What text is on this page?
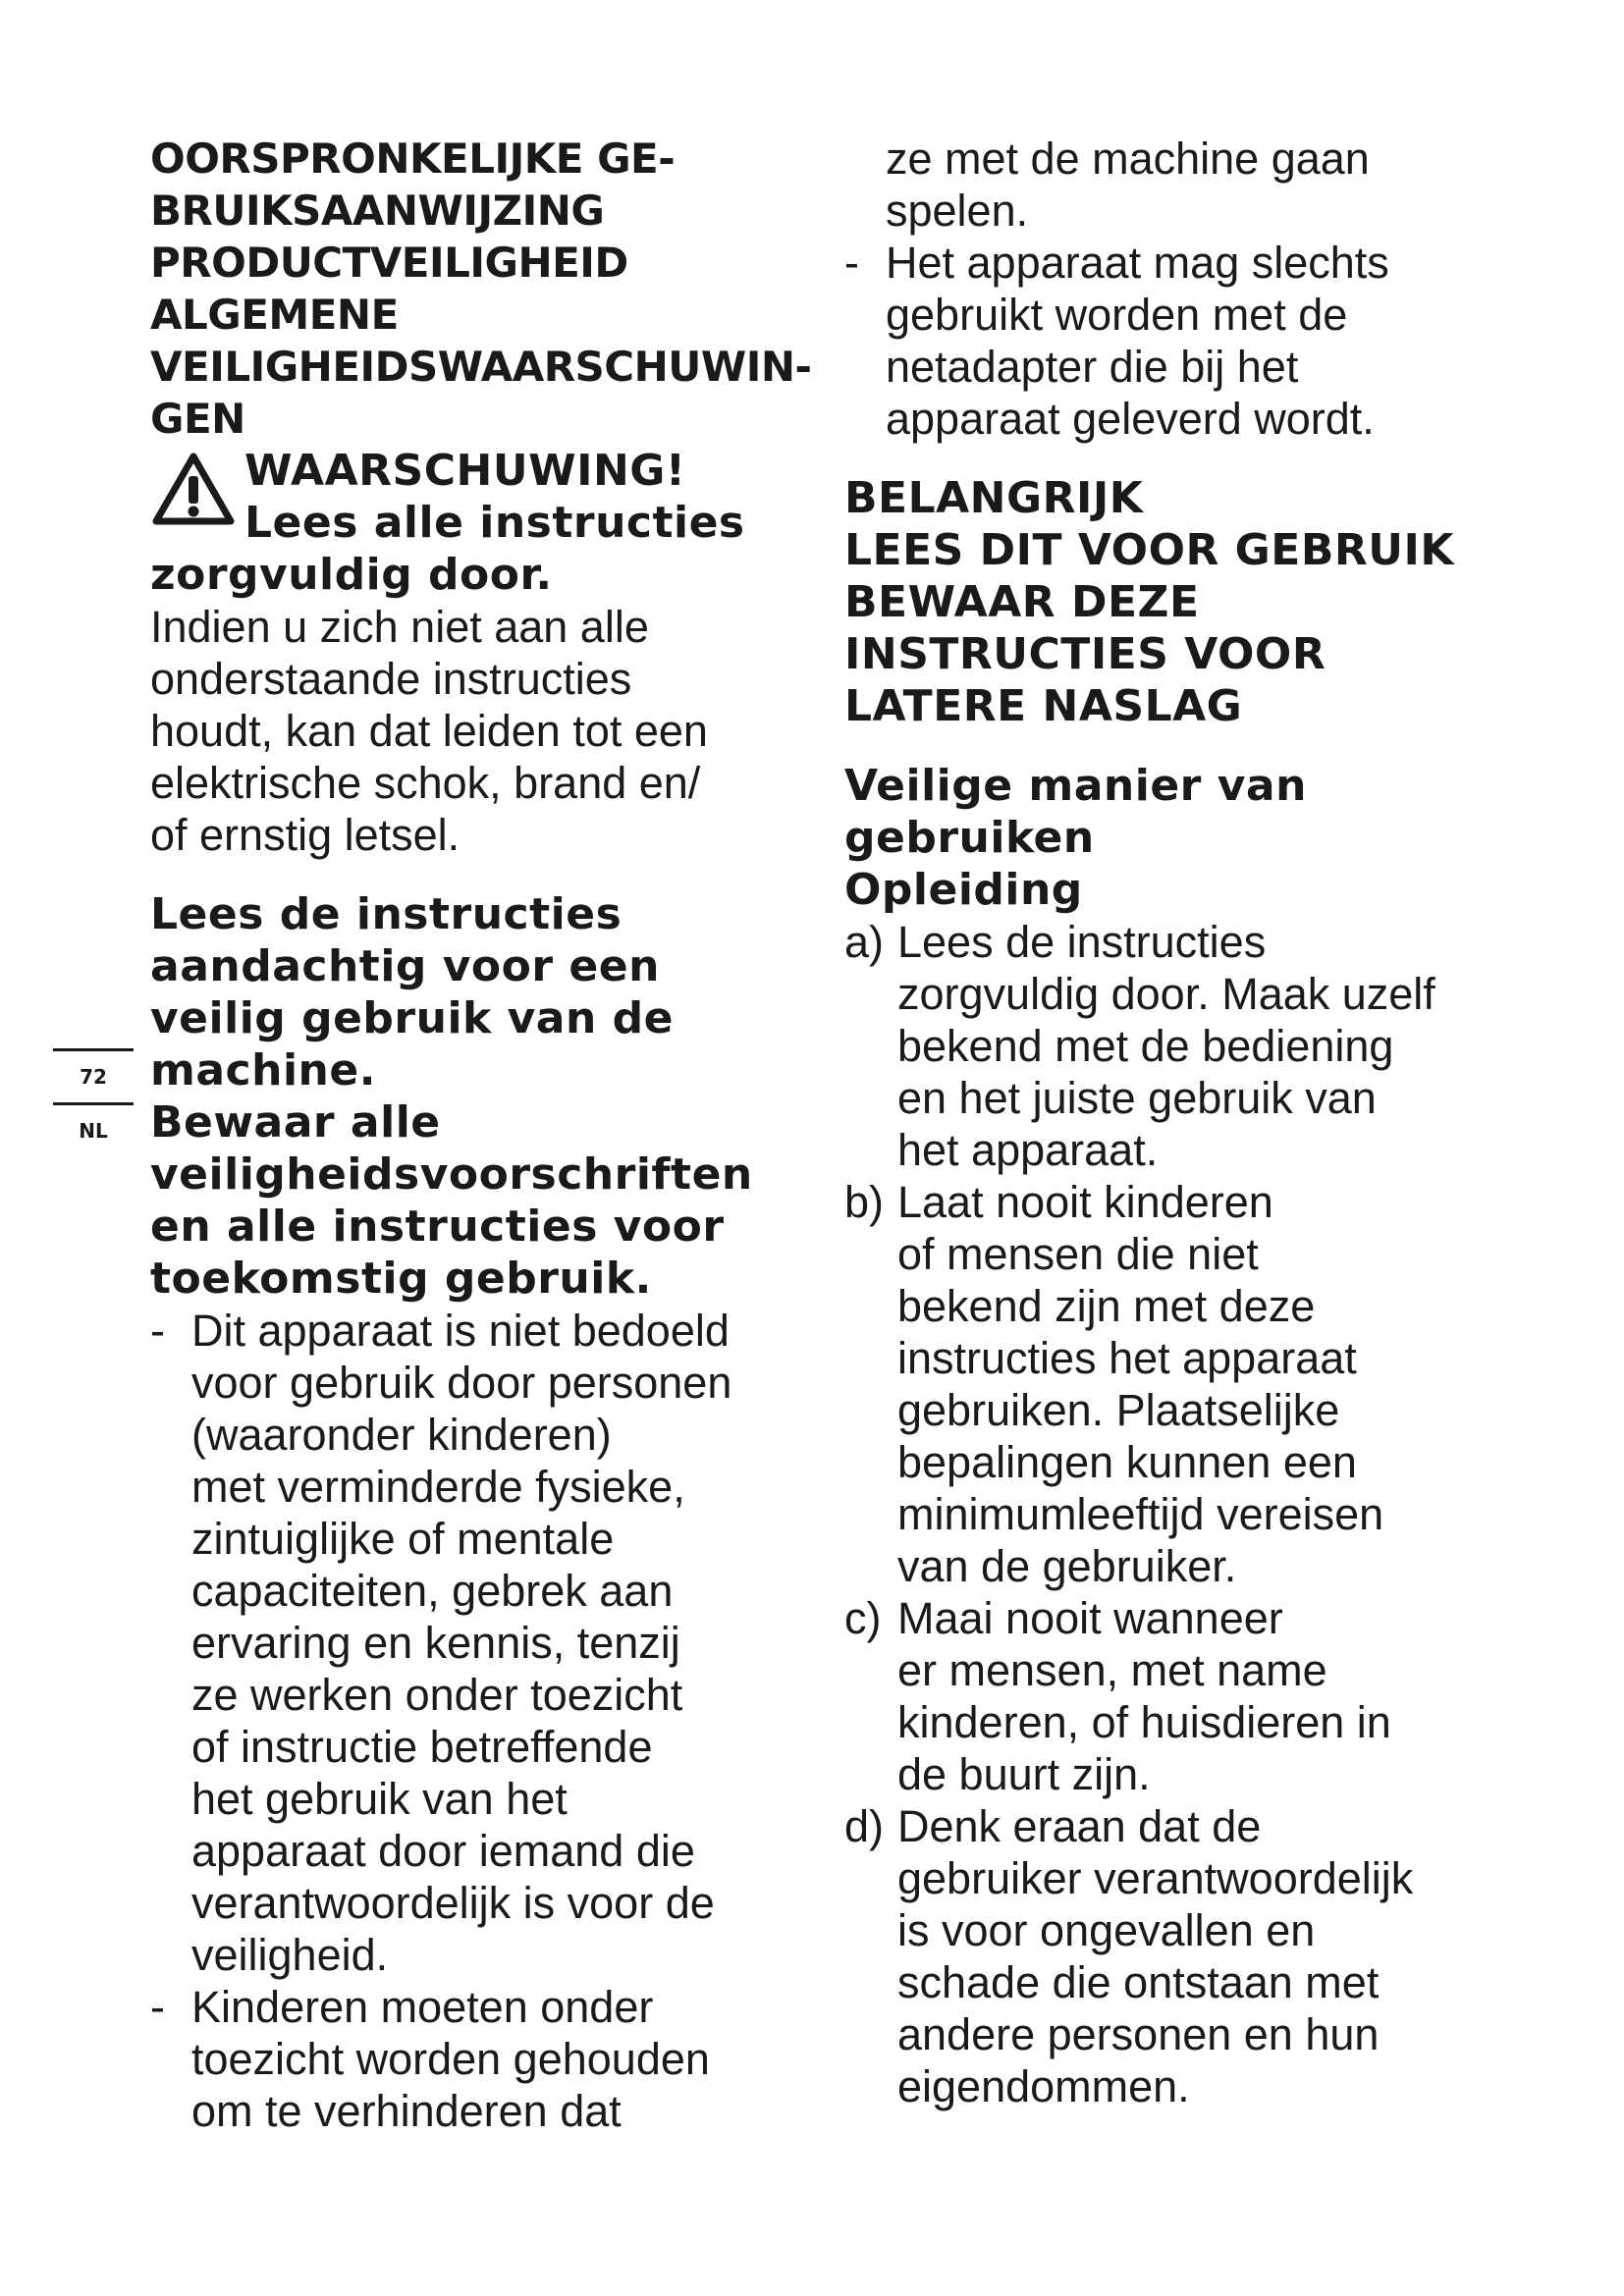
OORSPRONKELIJKE GE-
BRUIKSAANWIJZING
PRODUCTVEILIGHEID
ALGEMENE
VEILIGHEIDSWAARSCHUWIN-
GEN
WAARSCHUWING!
Lees alle instructies
zorgvuldig door.
Indien u zich niet aan alle
onderstaande instructies
houdt, kan dat leiden tot een
elektrische schok, brand en/
of ernstig letsel.
Lees de instructies
aandachtig voor een
veilig gebruik van de
machine.
Bewaar alle
veiligheidsvoorschriften
en alle instructies voor
toekomstig gebruik.
- Dit apparaat is niet bedoeld
voor gebruik door personen
(waaronder kinderen)
met verminderde fysieke,
zintuiglijke of mentale
capaciteiten, gebrek aan
ervaring en kennis, tenzij
ze werken onder toezicht
of instructie betreffende
het gebruik van het
apparaat door iemand die
verantwoordelijk is voor de
veiligheid.
- Kinderen moeten onder
toezicht worden gehouden
om te verhinderen dat
72
NL
ze met de machine gaan
spelen.
- Het apparaat mag slechts
gebruikt worden met de
netadapter die bij het
apparaat geleverd wordt.
BELANGRIJK
LEES DIT VOOR GEBRUIK
BEWAAR DEZE
INSTRUCTIES VOOR
LATERE NASLAG
Veilige manier van
gebruiken
Opleiding
a) Lees de instructies
zorgvuldig door. Maak uzelf
bekend met de bediening
en het juiste gebruik van
het apparaat.
b) Laat nooit kinderen
of mensen die niet
bekend zijn met deze
instructies het apparaat
gebruiken. Plaatselijke
bepalingen kunnen een
minimumleeftijd vereisen
van de gebruiker.
c) Maai nooit wanneer
er mensen, met name
kinderen, of huisdieren in
de buurt zijn.
d) Denk eraan dat de
gebruiker verantwoordelijk
is voor ongevallen en
schade die ontstaan met
andere personen en hun
eigendommen.
